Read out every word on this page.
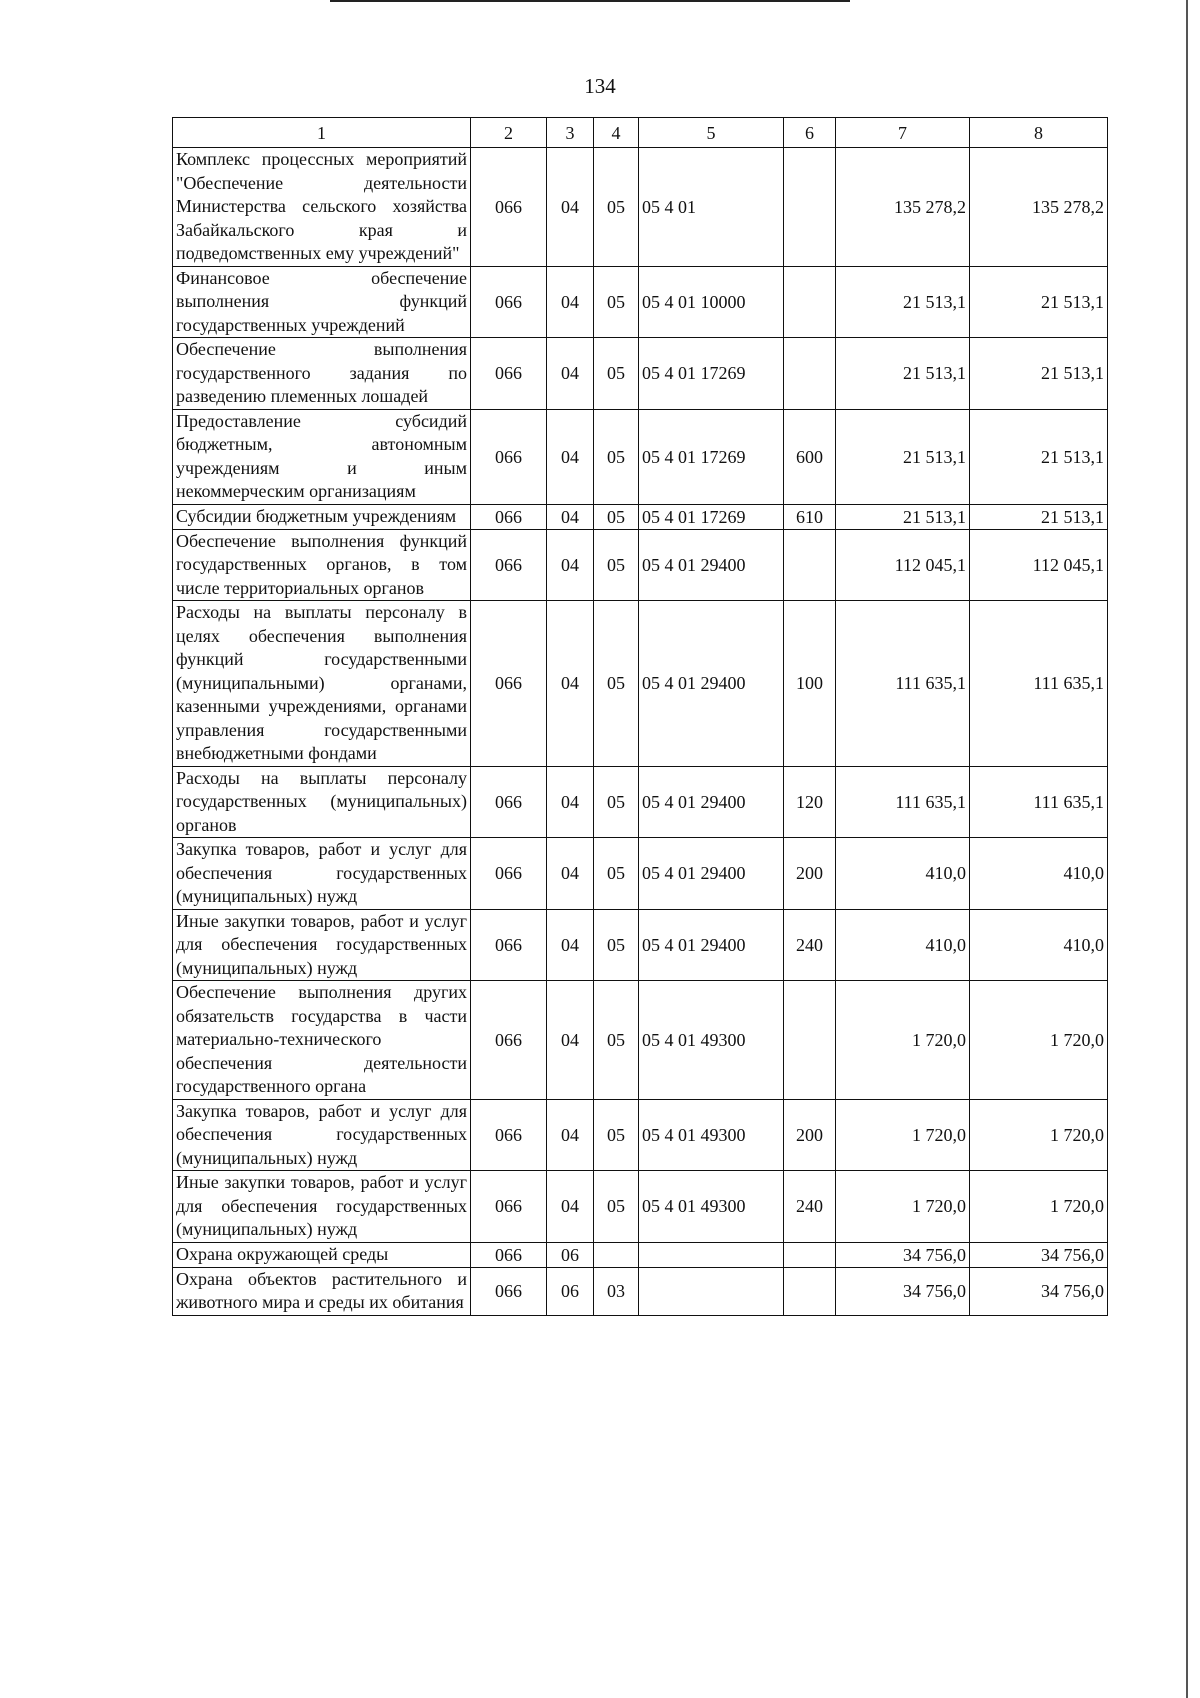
134
1	2	3	4	5	6	7	8
Комплекс процессных мероприятий "Обеспечение деятельности Министерства сельского хозяйства Забайкальского края и подведомственных ему учреждений"	066	04	05	05 4 01		135 278,2	135 278,2
Финансовое обеспечение выполнения функций государственных учреждений	066	04	05	05 4 01 10000		21 513,1	21 513,1
Обеспечение выполнения государственного задания по разведению племенных лошадей	066	04	05	05 4 01 17269		21 513,1	21 513,1
Предоставление субсидий бюджетным, автономным учреждениям и иным некоммерческим организациям	066	04	05	05 4 01 17269	600	21 513,1	21 513,1
Субсидии бюджетным учреждениям	066	04	05	05 4 01 17269	610	21 513,1	21 513,1
Обеспечение выполнения функций государственных органов, в том числе территориальных органов	066	04	05	05 4 01 29400		112 045,1	112 045,1
Расходы на выплаты персоналу в целях обеспечения выполнения функций государственными (муниципальными) органами, казенными учреждениями, органами управления государственными внебюджетными фондами	066	04	05	05 4 01 29400	100	111 635,1	111 635,1
Расходы на выплаты персоналу государственных (муниципальных) органов	066	04	05	05 4 01 29400	120	111 635,1	111 635,1
Закупка товаров, работ и услуг для обеспечения государственных (муниципальных) нужд	066	04	05	05 4 01 29400	200	410,0	410,0
Иные закупки товаров, работ и услуг для обеспечения государственных (муниципальных) нужд	066	04	05	05 4 01 29400	240	410,0	410,0
Обеспечение выполнения других обязательств государства в части материально-технического обеспечения деятельности государственного органа	066	04	05	05 4 01 49300		1 720,0	1 720,0
Закупка товаров, работ и услуг для обеспечения государственных (муниципальных) нужд	066	04	05	05 4 01 49300	200	1 720,0	1 720,0
Иные закупки товаров, работ и услуг для обеспечения государственных (муниципальных) нужд	066	04	05	05 4 01 49300	240	1 720,0	1 720,0
Охрана окружающей среды	066	06				34 756,0	34 756,0
Охрана объектов растительного и животного мира и среды их обитания	066	06	03			34 756,0	34 756,0
